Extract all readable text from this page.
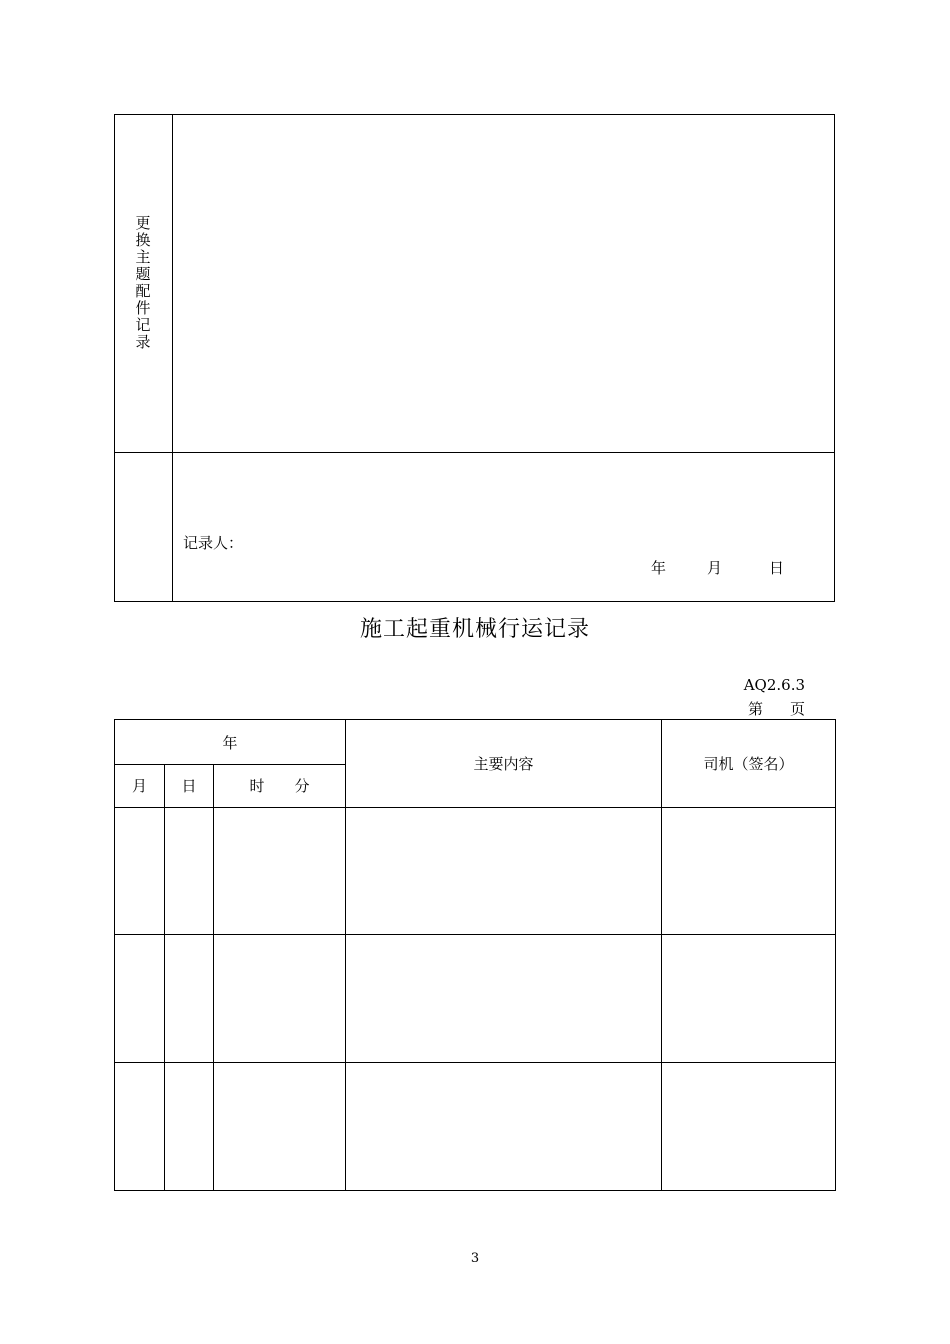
更
换
主
题
配
件
记
录
记录人：
年	月	日
施工起重机械行运记录
AQ2.6.3
第 页
年			主要内容	司机（签名）
月	日	时 分		

3
